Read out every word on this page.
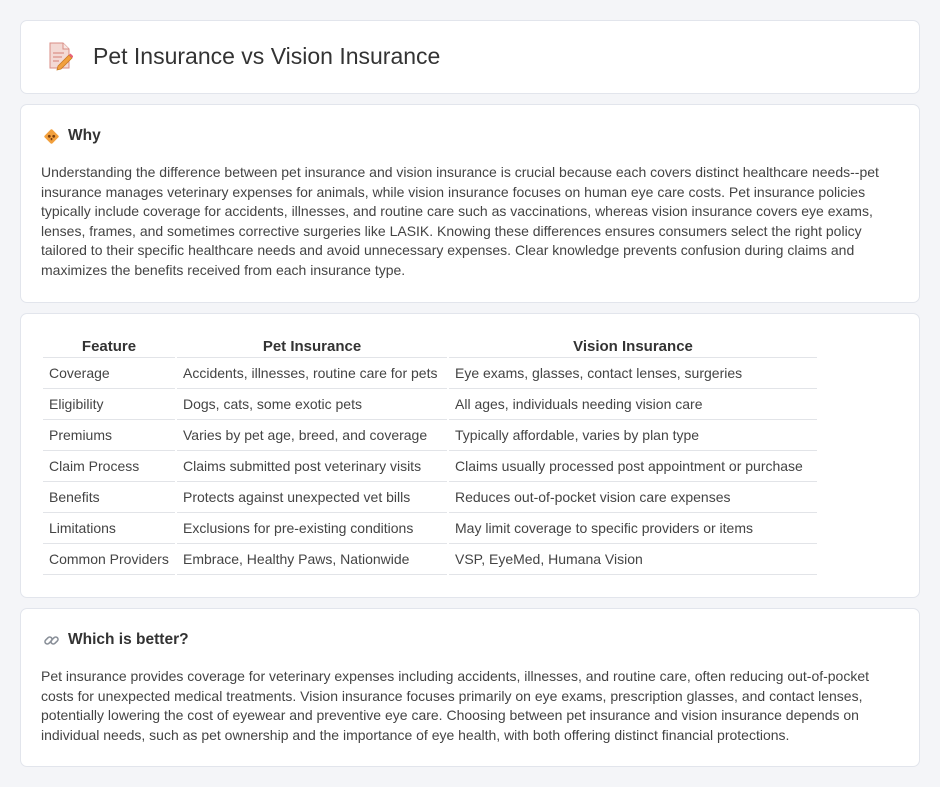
Pet Insurance vs Vision Insurance
Why

Understanding the difference between pet insurance and vision insurance is crucial because each covers distinct healthcare needs--pet insurance manages veterinary expenses for animals, while vision insurance focuses on human eye care costs. Pet insurance policies typically include coverage for accidents, illnesses, and routine care such as vaccinations, whereas vision insurance covers eye exams, lenses, frames, and sometimes corrective surgeries like LASIK. Knowing these differences ensures consumers select the right policy tailored to their specific healthcare needs and avoid unnecessary expenses. Clear knowledge prevents confusion during claims and maximizes the benefits received from each insurance type.

Feature	Pet Insurance	Vision Insurance
Coverage	Accidents, illnesses, routine care for pets	Eye exams, glasses, contact lenses, surgeries
Eligibility	Dogs, cats, some exotic pets	All ages, individuals needing vision care
Premiums	Varies by pet age, breed, and coverage	Typically affordable, varies by plan type
Claim Process	Claims submitted post veterinary visits	Claims usually processed post appointment or purchase
Benefits	Protects against unexpected vet bills	Reduces out-of-pocket vision care expenses
Limitations	Exclusions for pre-existing conditions	May limit coverage to specific providers or items
Common Providers	Embrace, Healthy Paws, Nationwide	VSP, EyeMed, Humana Vision
Which is better?

Pet insurance provides coverage for veterinary expenses including accidents, illnesses, and routine care, often reducing out-of-pocket costs for unexpected medical treatments. Vision insurance focuses primarily on eye exams, prescription glasses, and contact lenses, potentially lowering the cost of eyewear and preventive eye care. Choosing between pet insurance and vision insurance depends on individual needs, such as pet ownership and the importance of eye health, with both offering distinct financial protections.
